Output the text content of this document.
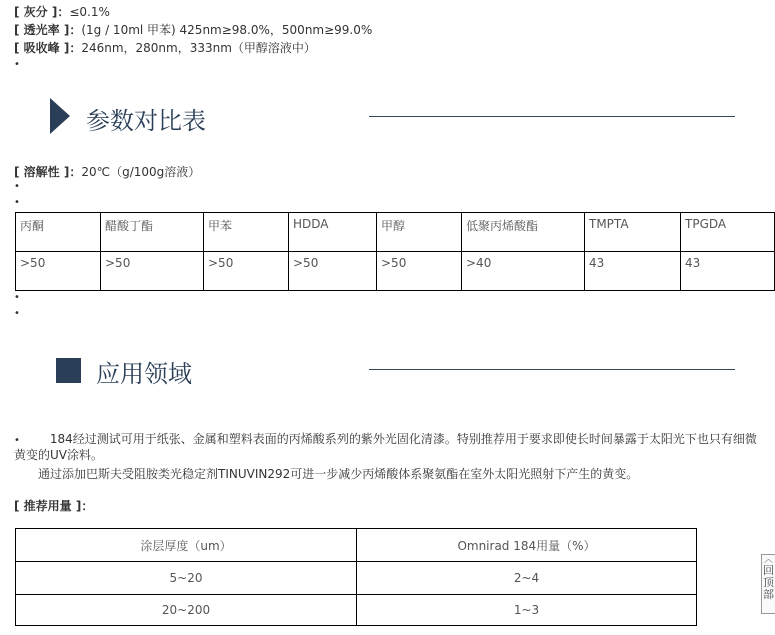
[ 灰分 ]：≤0.1%
[ 透光率 ]：(1g / 10ml 甲苯) 425nm≥98.0%，500nm≥99.0%
[ 吸收峰 ]：246nm，280nm，333nm（甲醇溶液中）
•
参数对比表
[ 溶解性 ]：20℃（g/100g溶液）
•
•
丙酮	醋酸丁酯	甲苯	HDDA	甲醇	低聚丙烯酸酯	TMPTA	TPGDA
>50	>50	>50	>50	>50	>40	43	43
•
•
应用领域
•	184经过测试可用于纸张、金属和塑料表面的丙烯酸系列的紫外光固化清漆。特别推荐用于要求即使长时间暴露于太阳光下也只有细微
黄变的UV涂料。
通过添加巴斯夫受阻胺类光稳定剂TINUVIN292可进一步减少丙烯酸体系聚氨酯在室外太阳光照射下产生的黄变。
[ 推荐用量 ]：
涂层厚度（um）	Omnirad 184用量（%）
5~20	2~4
20~200	1~3
︿
回顶部
